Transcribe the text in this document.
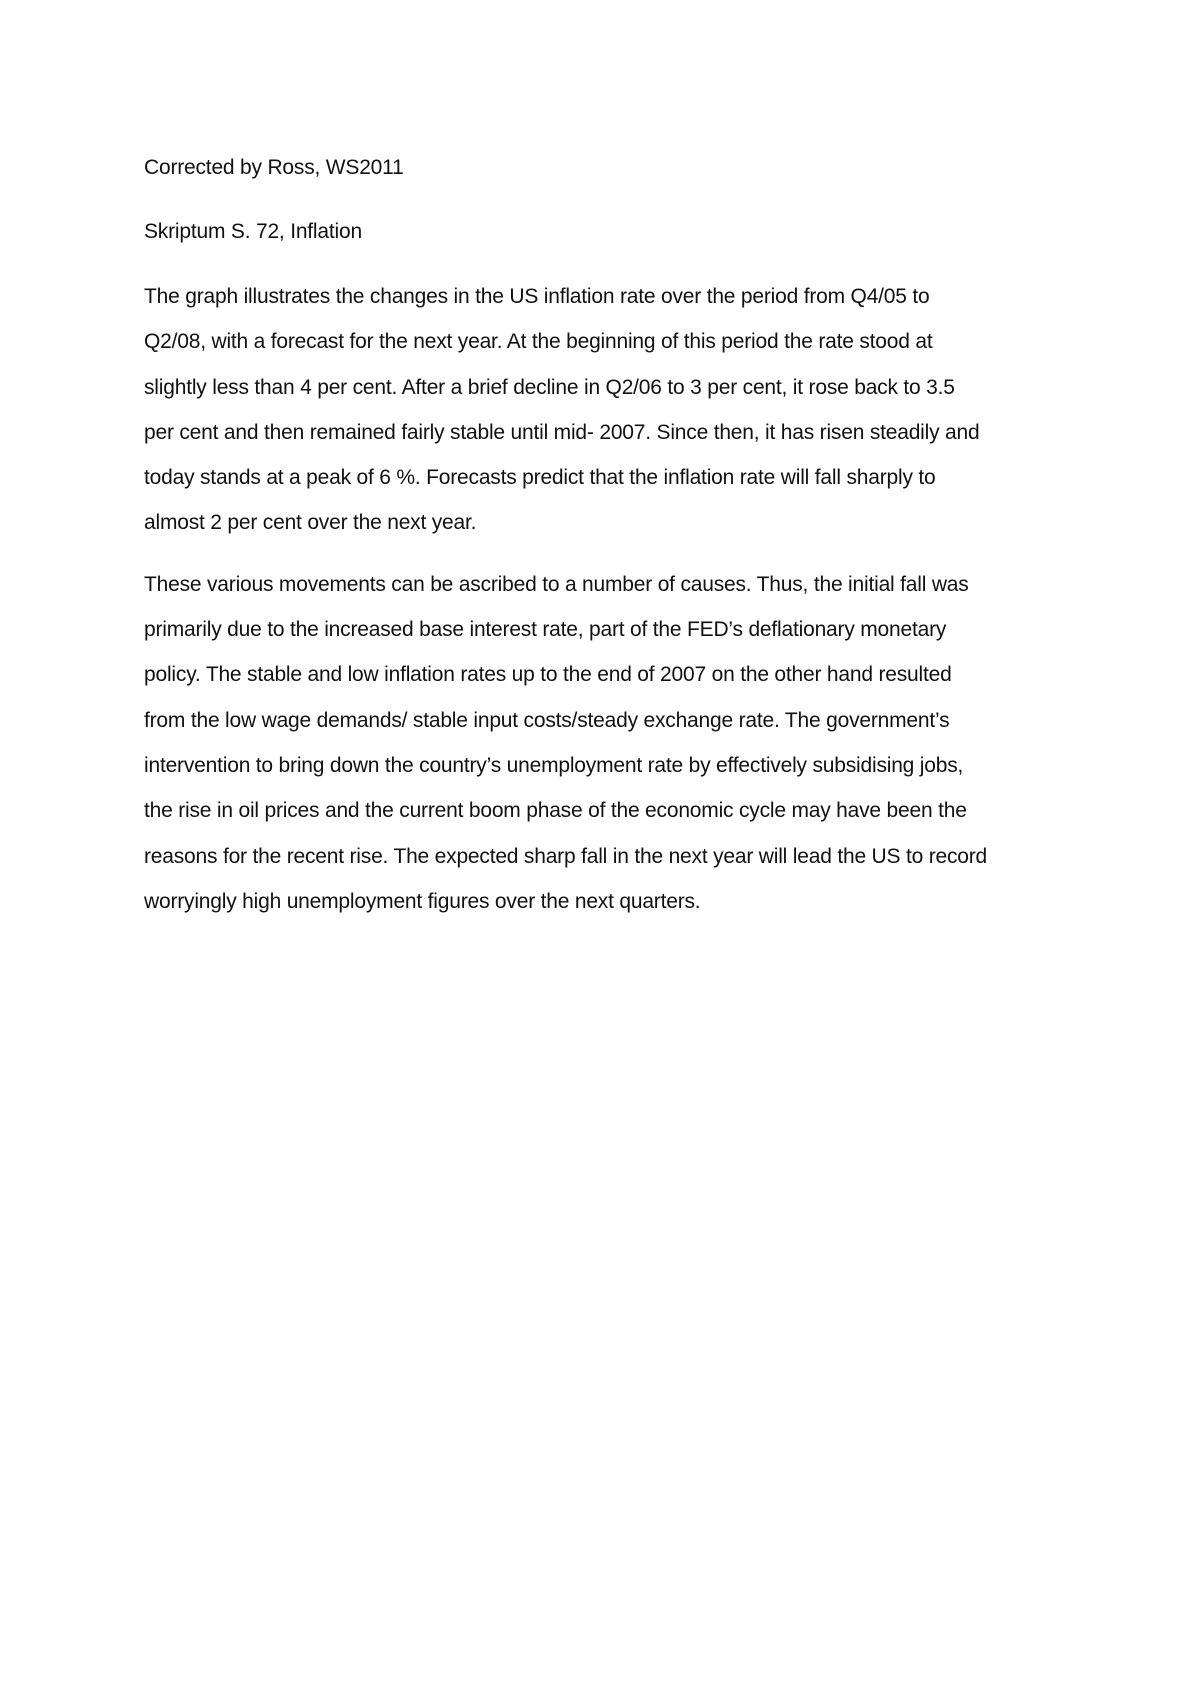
Corrected by Ross, WS2011

Skriptum S. 72, Inflation

The graph illustrates the changes in the US inflation rate over the period from Q4/05 to

Q2/08, with a forecast for the next year. At the beginning of this period the rate stood at

slightly less than 4 per cent. After a brief decline in Q2/06 to 3 per cent, it rose back to 3.5

per cent and then remained fairly stable until mid- 2007. Since then, it has risen steadily and

today stands at a peak of 6 %. Forecasts predict that the inflation rate will fall sharply to

almost 2 per cent over the next year.

These various movements can be ascribed to a number of causes. Thus, the initial fall was

primarily due to the increased base interest rate, part of the FED’s deflationary monetary

policy. The stable and low inflation rates up to the end of 2007 on the other hand resulted

from the low wage demands/ stable input costs/steady exchange rate. The government’s

intervention to bring down the country’s unemployment rate by effectively subsidising jobs,

the rise in oil prices and the current boom phase of the economic cycle may have been the

reasons for the recent rise. The expected sharp fall in the next year will lead the US to record

worryingly high unemployment figures over the next quarters.
